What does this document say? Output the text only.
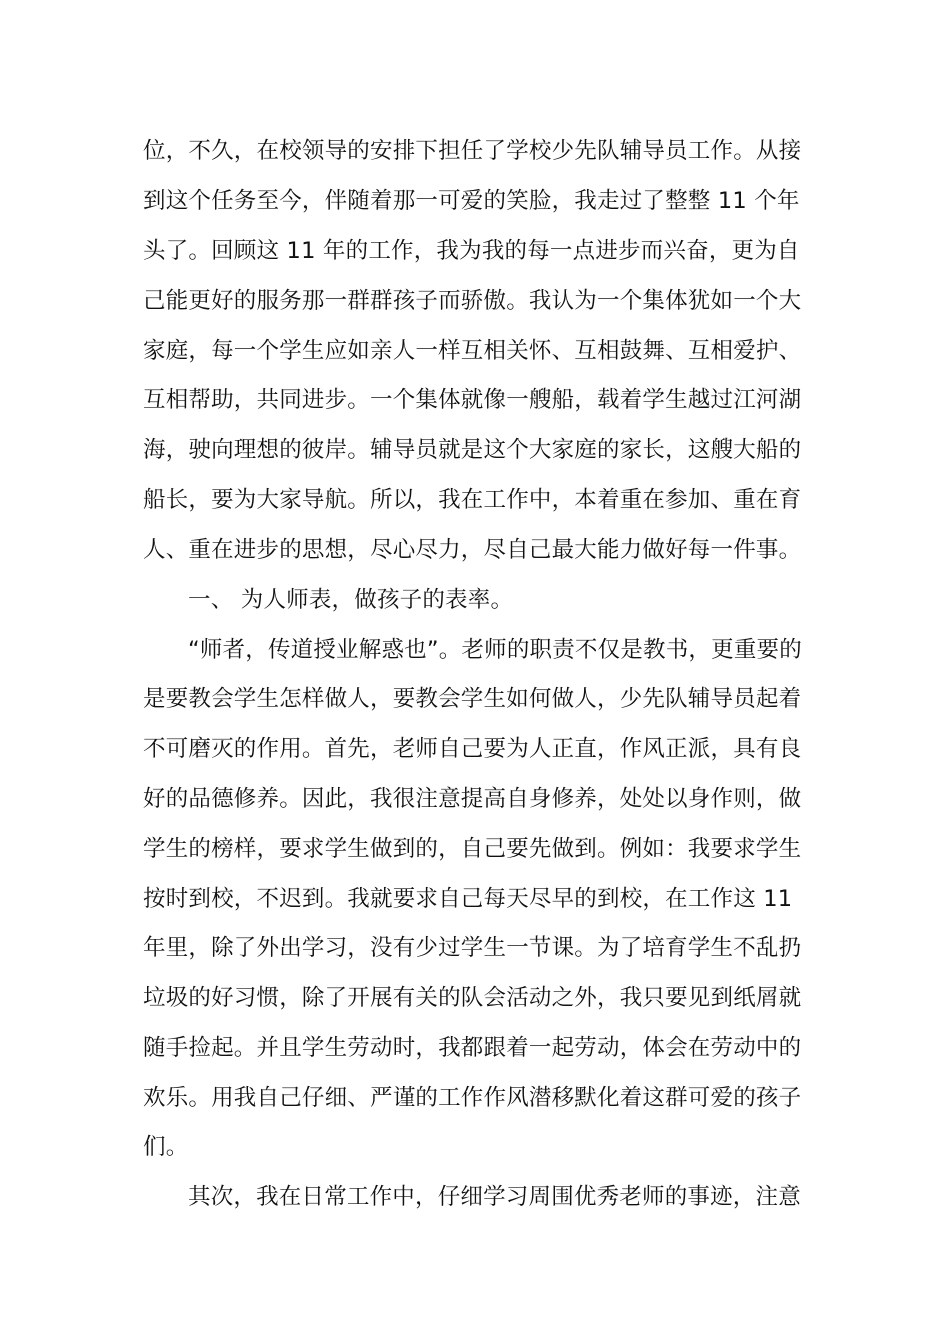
位，不久，在校领导的安排下担任了学校少先队辅导员工作。从接
到这个任务至今，伴随着那一可爱的笑脸，我走过了整整 11 个年
头了。回顾这 11 年的工作，我为我的每一点进步而兴奋，更为自
己能更好的服务那一群群孩子而骄傲。我认为一个集体犹如一个大
家庭，每一个学生应如亲人一样互相关怀、互相鼓舞、互相爱护、
互相帮助，共同进步。一个集体就像一艘船，载着学生越过江河湖
海，驶向理想的彼岸。辅导员就是这个大家庭的家长，这艘大船的
船长，要为大家导航。所以，我在工作中，本着重在参加、重在育
人、重在进步的思想，尽心尽力，尽自己最大能力做好每一件事。
一、 为人师表，做孩子的表率。
“师者，传道授业解惑也”。老师的职责不仅是教书，更重要的
是要教会学生怎样做人，要教会学生如何做人，少先队辅导员起着
不可磨灭的作用。首先，老师自己要为人正直，作风正派，具有良
好的品德修养。因此，我很注意提高自身修养，处处以身作则，做
学生的榜样，要求学生做到的，自己要先做到。例如：我要求学生
按时到校，不迟到。我就要求自己每天尽早的到校，在工作这 11
年里，除了外出学习，没有少过学生一节课。为了培育学生不乱扔
垃圾的好习惯，除了开展有关的队会活动之外，我只要见到纸屑就
随手捡起。并且学生劳动时，我都跟着一起劳动，体会在劳动中的
欢乐。用我自己仔细、严谨的工作作风潜移默化着这群可爱的孩子
们。
其次，我在日常工作中，仔细学习周围优秀老师的事迹，注意
